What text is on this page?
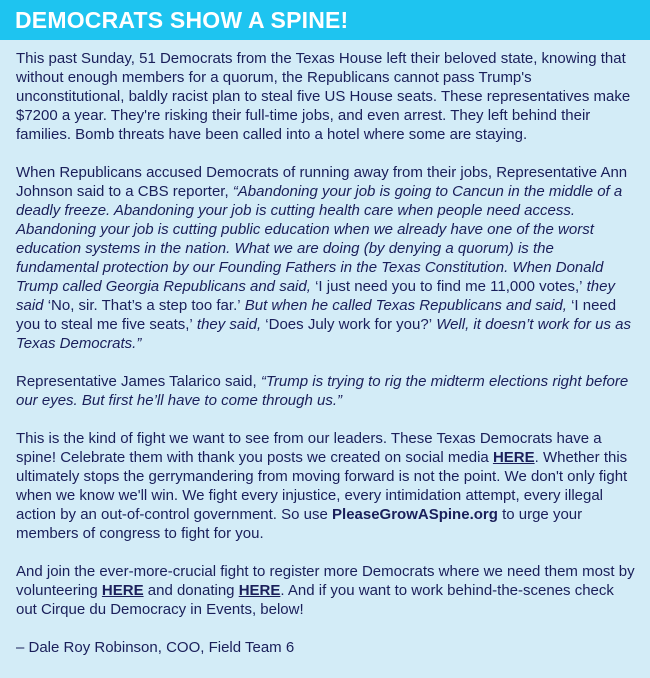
DEMOCRATS SHOW A SPINE!

This past Sunday, 51 Democrats from the Texas House left their beloved state, knowing that without enough members for a quorum, the Republicans cannot pass Trump's unconstitutional, baldly racist plan to steal five US House seats. These representatives make $7200 a year. They're risking their full-time jobs, and even arrest. They left behind their families. Bomb threats have been called into a hotel where some are staying.

When Republicans accused Democrats of running away from their jobs, Representative Ann Johnson said to a CBS reporter, “Abandoning your job is going to Cancun in the middle of a deadly freeze. Abandoning your job is cutting health care when people need access. Abandoning your job is cutting public education when we already have one of the worst education systems in the nation. What we are doing (by denying a quorum) is the fundamental protection by our Founding Fathers in the Texas Constitution. When Donald Trump called Georgia Republicans and said, ‘I just need you to find me 11,000 votes,’ they said ‘No, sir. That’s a step too far.’ But when he called Texas Republicans and said, ‘I need you to steal me five seats,’ they said, ‘Does July work for you?’ Well, it doesn’t work for us as Texas Democrats.”

Representative James Talarico said, “Trump is trying to rig the midterm elections right before our eyes. But first he’ll have to come through us.”

This is the kind of fight we want to see from our leaders. These Texas Democrats have a spine! Celebrate them with thank you posts we created on social media HERE. Whether this ultimately stops the gerrymandering from moving forward is not the point. We don't only fight when we know we'll win. We fight every injustice, every intimidation attempt, every illegal action by an out-of-control government. So use PleaseGrowASpine.org to urge your members of congress to fight for you.

And join the ever-more-crucial fight to register more Democrats where we need them most by volunteering HERE and donating HERE. And if you want to work behind-the-scenes check out Cirque du Democracy in Events, below!

– Dale Roy Robinson, COO, Field Team 6
